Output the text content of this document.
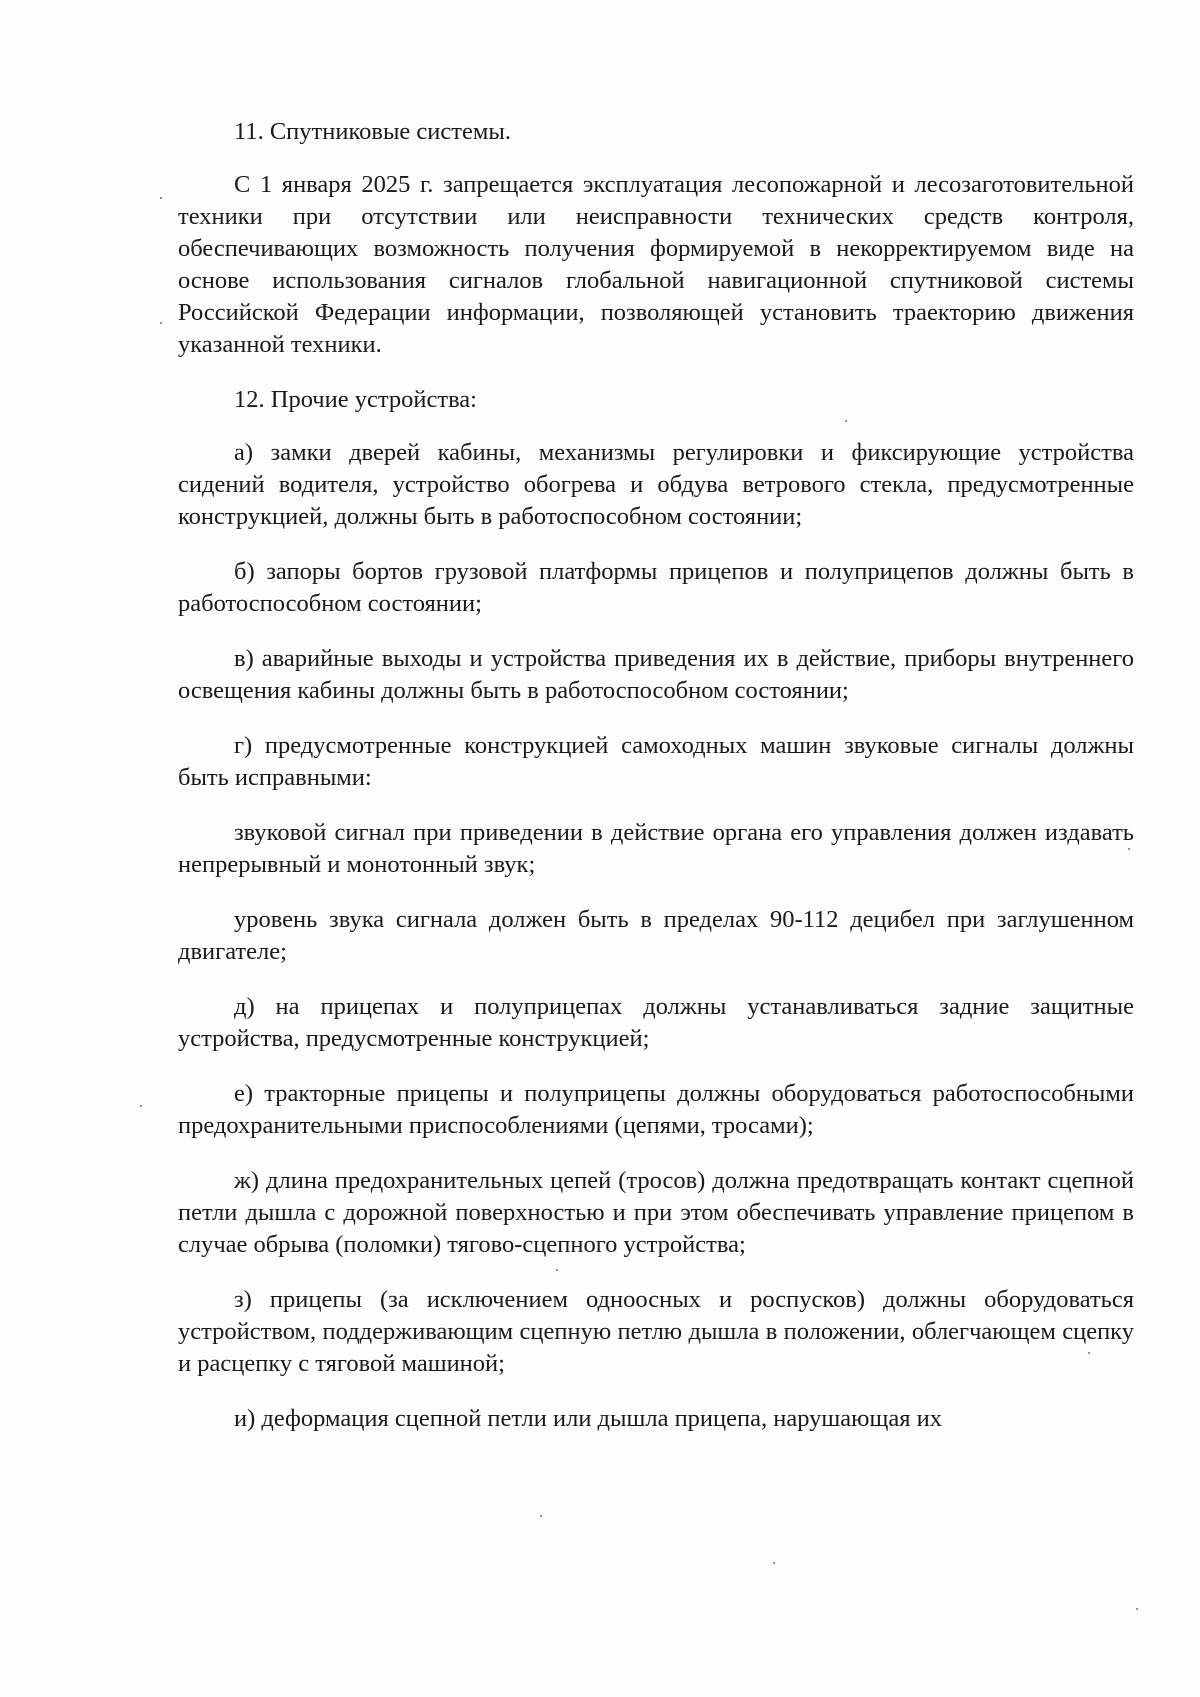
11. Спутниковые системы.

С 1 января 2025 г. запрещается эксплуатация лесопожарной и лесозаготовительной техники при отсутствии или неисправности технических средств контроля, обеспечивающих возможность получения формируемой в некорректируемом виде на основе использования сигналов глобальной навигационной спутниковой системы Российской Федерации информации, позволяющей установить траекторию движения указанной техники.

12. Прочие устройства:

а) замки дверей кабины, механизмы регулировки и фиксирующие устройства сидений водителя, устройство обогрева и обдува ветрового стекла, предусмотренные конструкцией, должны быть в работоспособном состоянии;

б) запоры бортов грузовой платформы прицепов и полуприцепов должны быть в работоспособном состоянии;

в) аварийные выходы и устройства приведения их в действие, приборы внутреннего освещения кабины должны быть в работоспособном состоянии;

г) предусмотренные конструкцией самоходных машин звуковые сигналы должны быть исправными:

звуковой сигнал при приведении в действие органа его управления должен издавать непрерывный и монотонный звук;

уровень звука сигнала должен быть в пределах 90-112 децибел при заглушенном двигателе;

д) на прицепах и полуприцепах должны устанавливаться задние защитные устройства, предусмотренные конструкцией;

е) тракторные прицепы и полуприцепы должны оборудоваться работоспособными предохранительными приспособлениями (цепями, тросами);

ж) длина предохранительных цепей (тросов) должна предотвращать контакт сцепной петли дышла с дорожной поверхностью и при этом обеспечивать управление прицепом в случае обрыва (поломки) тягово-сцепного устройства;

з) прицепы (за исключением одноосных и роспусков) должны оборудоваться устройством, поддерживающим сцепную петлю дышла в положении, облегчающем сцепку и расцепку с тяговой машиной;

и) деформация сцепной петли или дышла прицепа, нарушающая их
